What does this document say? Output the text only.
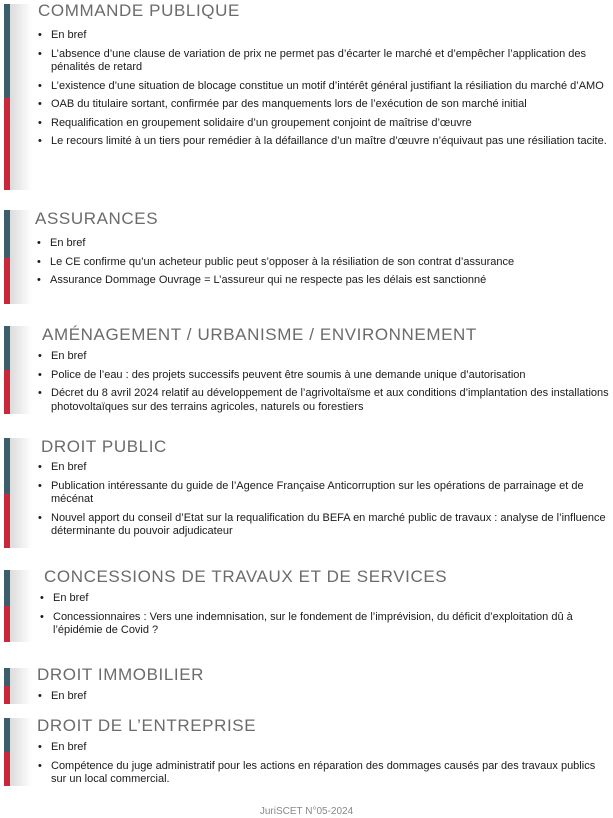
COMMANDE PUBLIQUE
• En bref
• L’absence d’une clause de variation de prix ne permet pas d’écarter le marché et d’empêcher l’application des pénalités de retard
• L’existence d’une situation de blocage constitue un motif d’intérêt général justifiant la résiliation du marché d’AMO
• OAB du titulaire sortant, confirmée par des manquements lors de l’exécution de son marché initial
• Requalification en groupement solidaire d’un groupement conjoint de maîtrise d’œuvre
• Le recours limité à un tiers pour remédier à la défaillance d’un maître d’œuvre n’équivaut pas une résiliation tacite.
ASSURANCES
• En bref
• Le CE confirme qu’un acheteur public peut s’opposer à la résiliation de son contrat d’assurance
• Assurance Dommage Ouvrage = L’assureur qui ne respecte pas les délais est sanctionné
AMÉNAGEMENT / URBANISME / ENVIRONNEMENT
• En bref
• Police de l’eau : des projets successifs peuvent être soumis à une demande unique d’autorisation
• Décret du 8 avril 2024 relatif au développement de l’agrivoltaïsme et aux conditions d’implantation des installations photovoltaïques sur des terrains agricoles, naturels ou forestiers
DROIT PUBLIC
• En bref
• Publication intéressante du guide de l’Agence Française Anticorruption sur les opérations de parrainage et de mécénat
• Nouvel apport du conseil d’Etat sur la requalification du BEFA en marché public de travaux : analyse de l’influence déterminante du pouvoir adjudicateur
CONCESSIONS DE TRAVAUX ET DE SERVICES
• En bref
• Concessionnaires : Vers une indemnisation, sur le fondement de l’imprévision, du déficit d’exploitation dû à l’épidémie de Covid ?
DROIT IMMOBILIER
• En bref
DROIT DE L’ENTREPRISE
• En bref
• Compétence du juge administratif pour les actions en réparation des dommages causés par des travaux publics sur un local commercial.
JuriSCET N°05-2024
